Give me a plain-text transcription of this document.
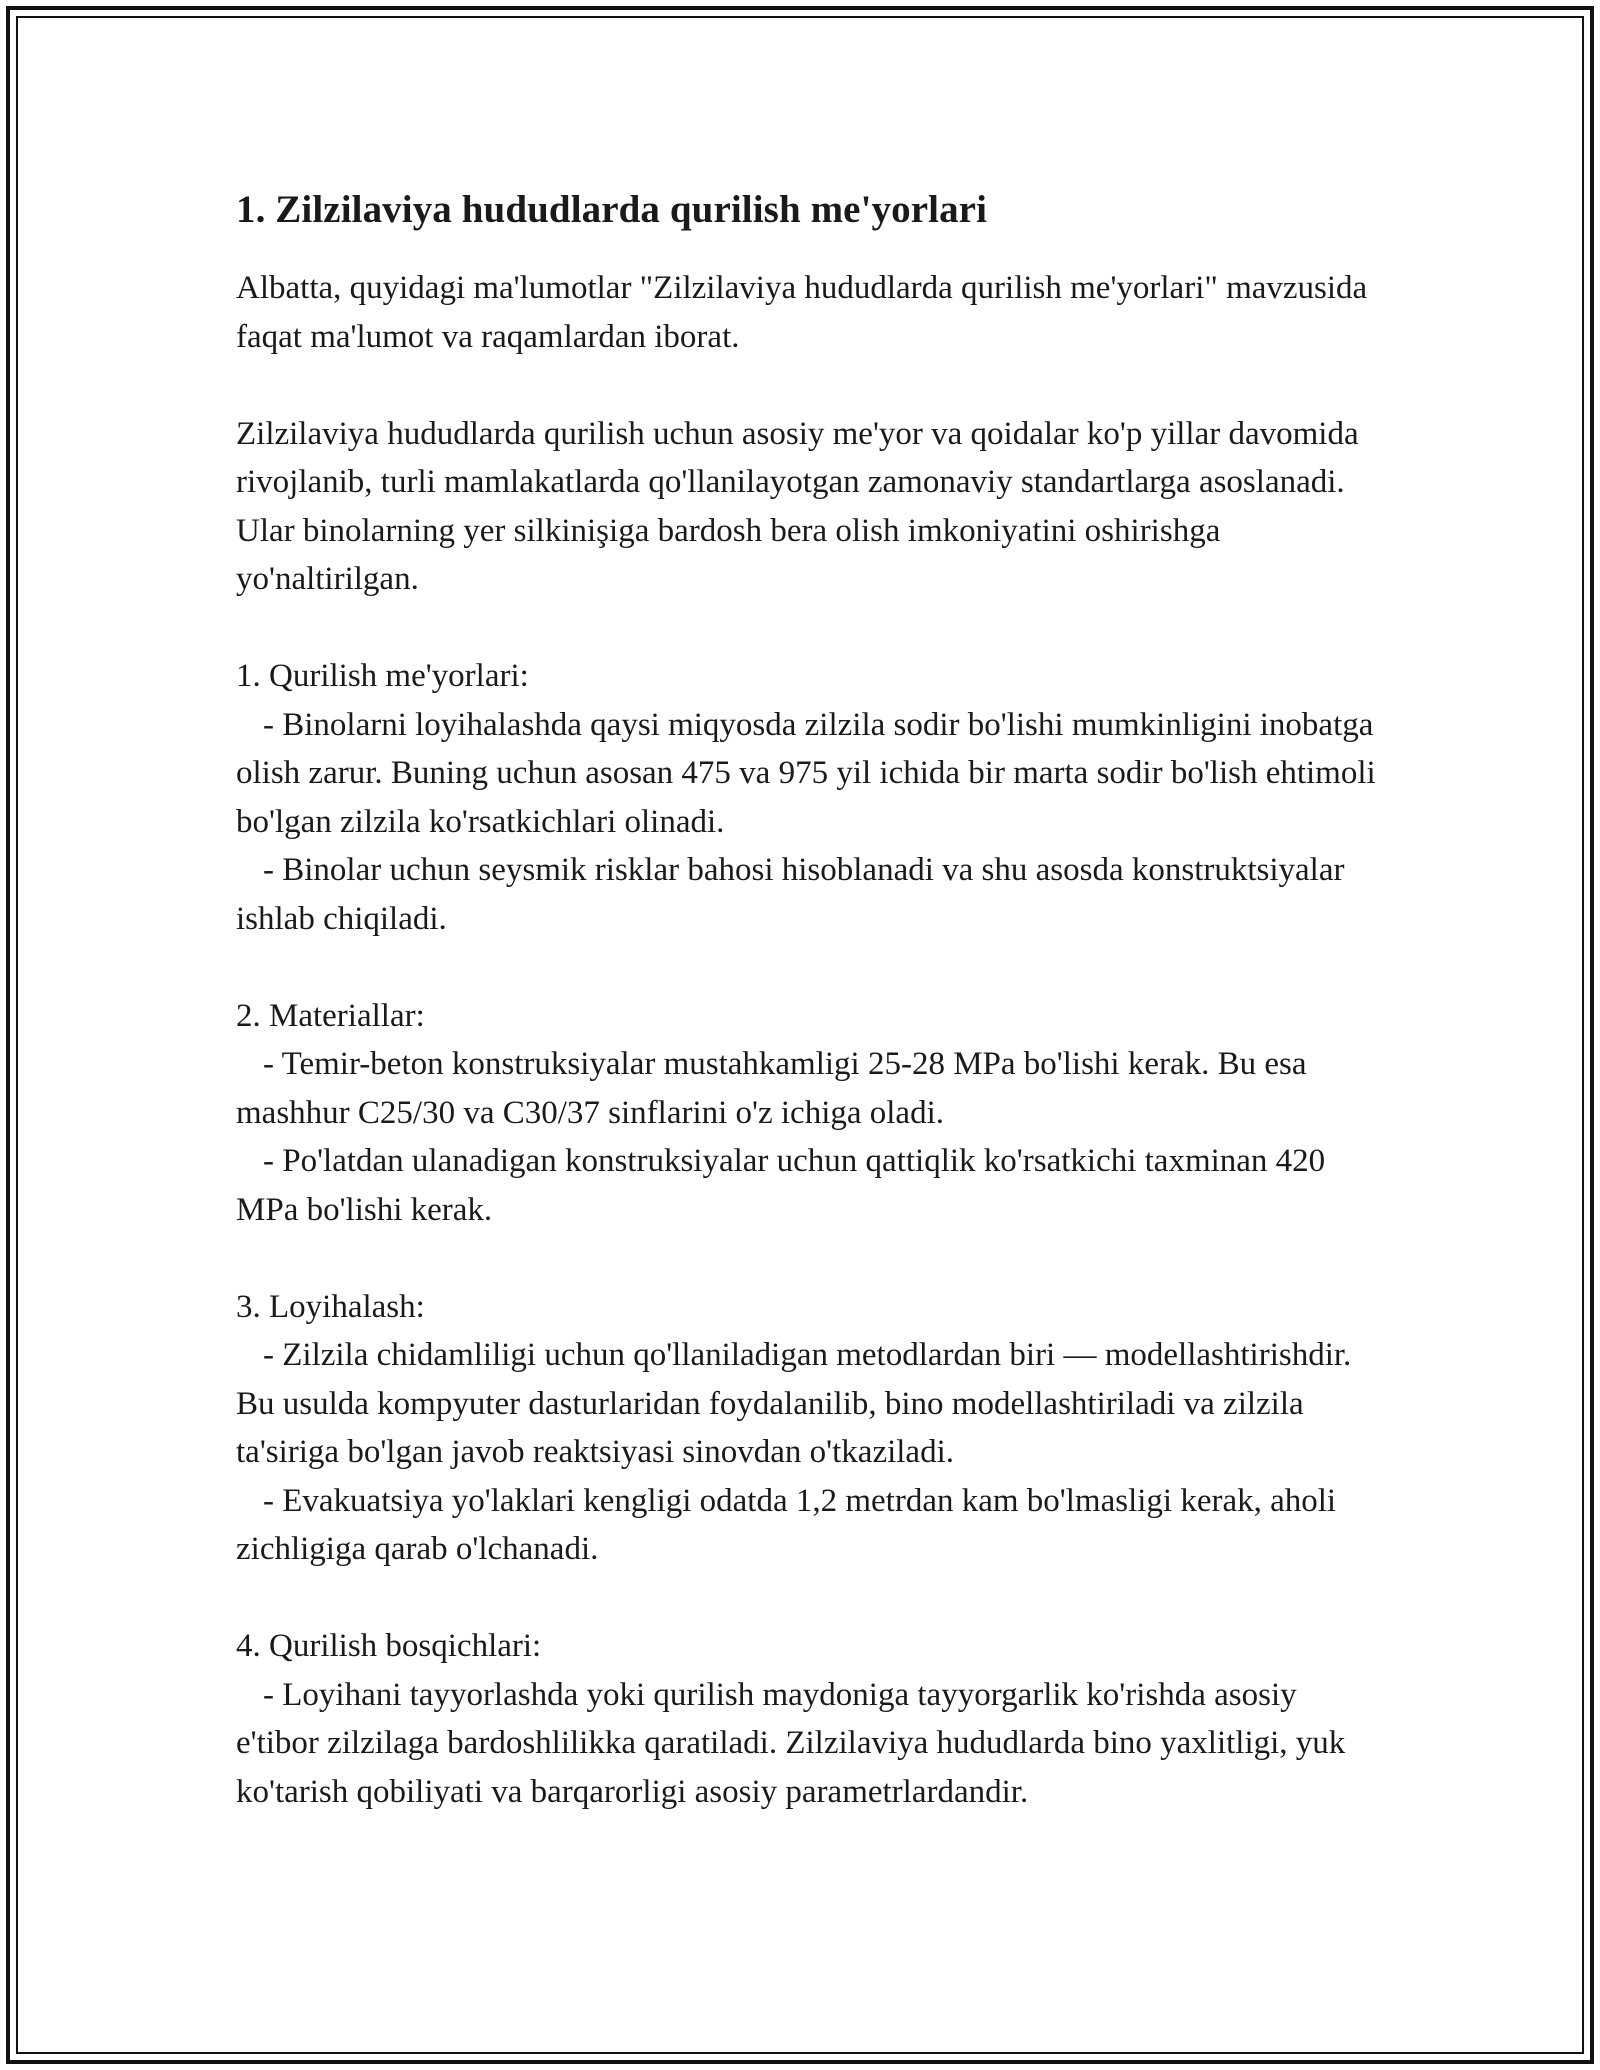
1. Zilzilaviya hududlarda qurilish me'yorlari

Albatta, quyidagi ma'lumotlar "Zilzilaviya hududlarda qurilish me'yorlari" mavzusida faqat ma'lumot va raqamlardan iborat.

Zilzilaviya hududlarda qurilish uchun asosiy me'yor va qoidalar ko'p yillar davomida rivojlanib, turli mamlakatlarda qo'llanilayotgan zamonaviy standartlarga asoslanadi. Ular binolarning yer silkinişiga bardosh bera olish imkoniyatini oshirishga yo'naltirilgan.

1. Qurilish me'yorlari:

- Binolarni loyihalashda qaysi miqyosda zilzila sodir bo'lishi mumkinligini inobatga olish zarur. Buning uchun asosan 475 va 975 yil ichida bir marta sodir bo'lish ehtimoli bo'lgan zilzila ko'rsatkichlari olinadi.

- Binolar uchun seysmik risklar bahosi hisoblanadi va shu asosda konstruktsiyalar ishlab chiqiladi.

2. Materiallar:

- Temir-beton konstruksiyalar mustahkamligi 25-28 MPa bo'lishi kerak. Bu esa mashhur C25/30 va C30/37 sinflarini o'z ichiga oladi.

- Po'latdan ulanadigan konstruksiyalar uchun qattiqlik ko'rsatkichi taxminan 420 MPa bo'lishi kerak.

3. Loyihalash:

- Zilzila chidamliligi uchun qo'llaniladigan metodlardan biri — modellashtirishdir. Bu usulda kompyuter dasturlaridan foydalanilib, bino modellashtiriladi va zilzila ta'siriga bo'lgan javob reaktsiyasi sinovdan o'tkaziladi.

- Evakuatsiya yo'laklari kengligi odatda 1,2 metrdan kam bo'lmasligi kerak, aholi zichligiga qarab o'lchanadi.

4. Qurilish bosqichlari:

- Loyihani tayyorlashda yoki qurilish maydoniga tayyorgarlik ko'rishda asosiy e'tibor zilzilaga bardoshlilikka qaratiladi. Zilzilaviya hududlarda bino yaxlitligi, yuk ko'tarish qobiliyati va barqarorligi asosiy parametrlardandir.
